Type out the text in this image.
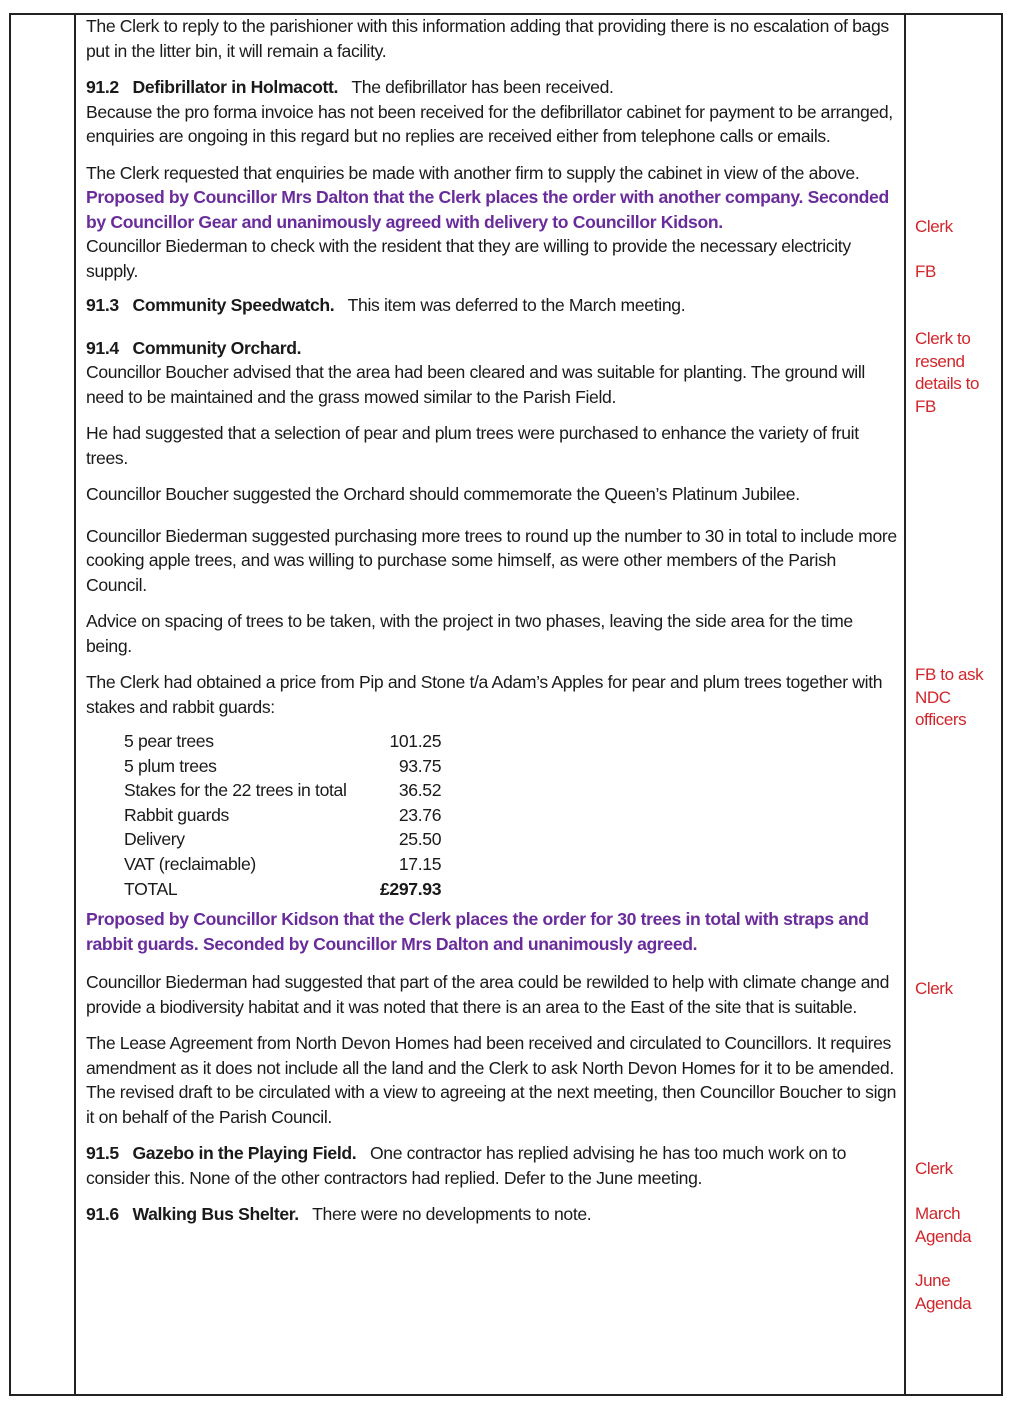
The Clerk to reply to the parishioner with this information adding that providing there is no escalation of bags put in the litter bin, it will remain a facility.

91.2 Defibrillator in Holmacott. The defibrillator has been received.

Because the pro forma invoice has not been received for the defibrillator cabinet for payment to be arranged, enquiries are ongoing in this regard but no replies are received either from telephone calls or emails.

The Clerk requested that enquiries be made with another firm to supply the cabinet in view of the above.

Proposed by Councillor Mrs Dalton that the Clerk places the order with another company. Seconded by Councillor Gear and unanimously agreed with delivery to Councillor Kidson.

Councillor Biederman to check with the resident that they are willing to provide the necessary electricity supply.

91.3 Community Speedwatch. This item was deferred to the March meeting.

91.4 Community Orchard.

Councillor Boucher advised that the area had been cleared and was suitable for planting. The ground will need to be maintained and the grass mowed similar to the Parish Field.

He had suggested that a selection of pear and plum trees were purchased to enhance the variety of fruit trees.

Councillor Boucher suggested the Orchard should commemorate the Queen’s Platinum Jubilee.

Councillor Biederman suggested purchasing more trees to round up the number to 30 in total to include more cooking apple trees, and was willing to purchase some himself, as were other members of the Parish Council.

Advice on spacing of trees to be taken, with the project in two phases, leaving the side area for the time being.

The Clerk had obtained a price from Pip and Stone t/a Adam’s Apples for pear and plum trees together with stakes and rabbit guards:

5 pear trees	101.25
5 plum trees	93.75
Stakes for the 22 trees in total	36.52
Rabbit guards	23.76
Delivery	25.50
VAT (reclaimable)	17.15
TOTAL	£297.93

Proposed by Councillor Kidson that the Clerk places the order for 30 trees in total with straps and rabbit guards. Seconded by Councillor Mrs Dalton and unanimously agreed.

Councillor Biederman had suggested that part of the area could be rewilded to help with climate change and provide a biodiversity habitat and it was noted that there is an area to the East of the site that is suitable.

The Lease Agreement from North Devon Homes had been received and circulated to Councillors. It requires amendment as it does not include all the land and the Clerk to ask North Devon Homes for it to be amended.

The revised draft to be circulated with a view to agreeing at the next meeting, then Councillor Boucher to sign it on behalf of the Parish Council.

91.5 Gazebo in the Playing Field. One contractor has replied advising he has too much work on to consider this. None of the other contractors had replied. Defer to the June meeting.

91.6 Walking Bus Shelter. There were no developments to note.

Clerk
FB
Clerk to resend details to FB
FB to ask NDC officers
Clerk
Clerk
March Agenda
June Agenda
